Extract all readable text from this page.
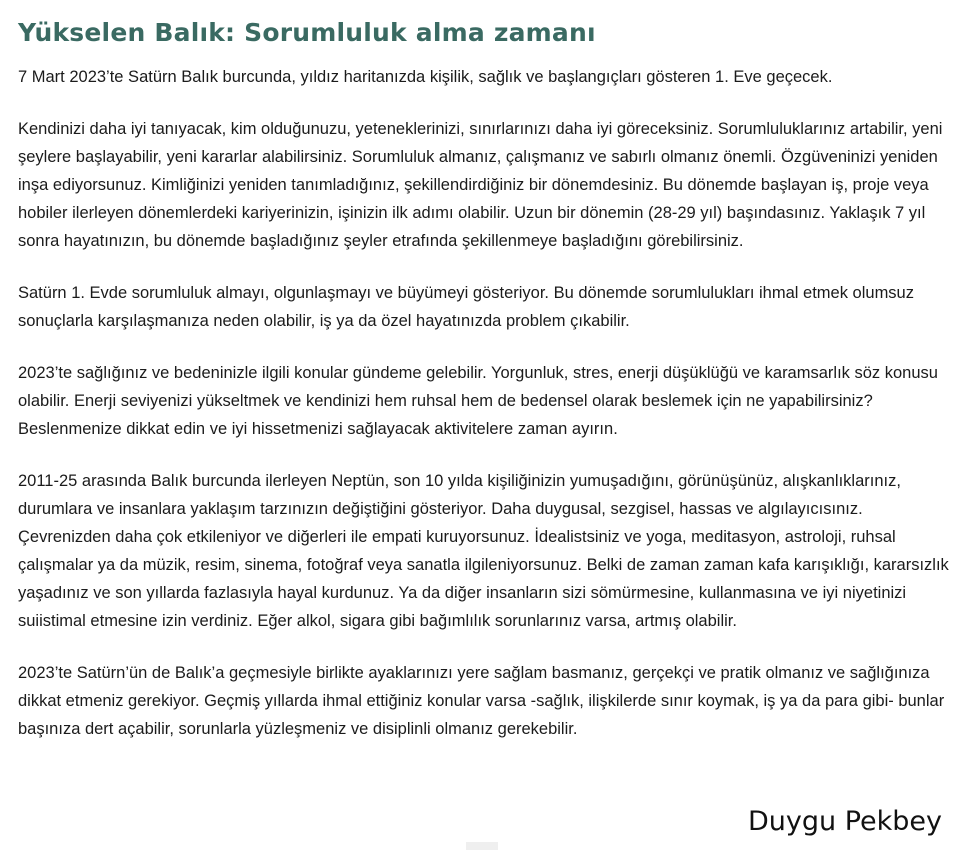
Yükselen Balık: Sorumluluk alma zamanı

7 Mart 2023’te Satürn Balık burcunda, yıldız haritanızda kişilik, sağlık ve başlangıçları gösteren 1. Eve geçecek.

Kendinizi daha iyi tanıyacak, kim olduğunuzu, yeteneklerinizi, sınırlarınızı daha iyi göreceksiniz. Sorumluluklarınız artabilir, yeni şeylere başlayabilir, yeni kararlar alabilirsiniz. Sorumluluk almanız, çalışmanız ve sabırlı olmanız önemli. Özgüveninizi yeniden inşa ediyorsunuz. Kimliğinizi yeniden tanımladığınız, şekillendirdiğiniz bir dönemdesiniz. Bu dönemde başlayan iş, proje veya hobiler ilerleyen dönemlerdeki kariyerinizin, işinizin ilk adımı olabilir. Uzun bir dönemin (28-29 yıl) başındasınız. Yaklaşık 7 yıl sonra hayatınızın, bu dönemde başladığınız şeyler etrafında şekillenmeye başladığını görebilirsiniz.

Satürn 1. Evde sorumluluk almayı, olgunlaşmayı ve büyümeyi gösteriyor. Bu dönemde sorumlulukları ihmal etmek olumsuz sonuçlarla karşılaşmanıza neden olabilir, iş ya da özel hayatınızda problem çıkabilir.

2023’te sağlığınız ve bedeninizle ilgili konular gündeme gelebilir. Yorgunluk, stres, enerji düşüklüğü ve karamsarlık söz konusu olabilir. Enerji seviyenizi yükseltmek ve kendinizi hem ruhsal hem de bedensel olarak beslemek için ne yapabilirsiniz? Beslenmenize dikkat edin ve iyi hissetmenizi sağlayacak aktivitelere zaman ayırın.

2011-25 arasında Balık burcunda ilerleyen Neptün, son 10 yılda kişiliğinizin yumuşadığını, görünüşünüz, alışkanlıklarınız, durumlara ve insanlara yaklaşım tarzınızın değiştiğini gösteriyor. Daha duygusal, sezgisel, hassas ve algılayıcısınız. Çevrenizden daha çok etkileniyor ve diğerleri ile empati kuruyorsunuz. İdealistsiniz ve yoga, meditasyon, astroloji, ruhsal çalışmalar ya da müzik, resim, sinema, fotoğraf veya sanatla ilgileniyorsunuz. Belki de zaman zaman kafa karışıklığı, kararsızlık yaşadınız ve son yıllarda fazlasıyla hayal kurdunuz. Ya da diğer insanların sizi sömürmesine, kullanmasına ve iyi niyetinizi suiistimal etmesine izin verdiniz. Eğer alkol, sigara gibi bağımlılık sorunlarınız varsa, artmış olabilir.

2023’te Satürn’ün de Balık’a geçmesiyle birlikte ayaklarınızı yere sağlam basmanız, gerçekçi ve pratik olmanız ve sağlığınıza dikkat etmeniz gerekiyor. Geçmiş yıllarda ihmal ettiğiniz konular varsa -sağlık, ilişkilerde sınır koymak, iş ya da para gibi- bunlar başınıza dert açabilir, sorunlarla yüzleşmeniz ve disiplinli olmanız gerekebilir.

Duygu Pekbey
